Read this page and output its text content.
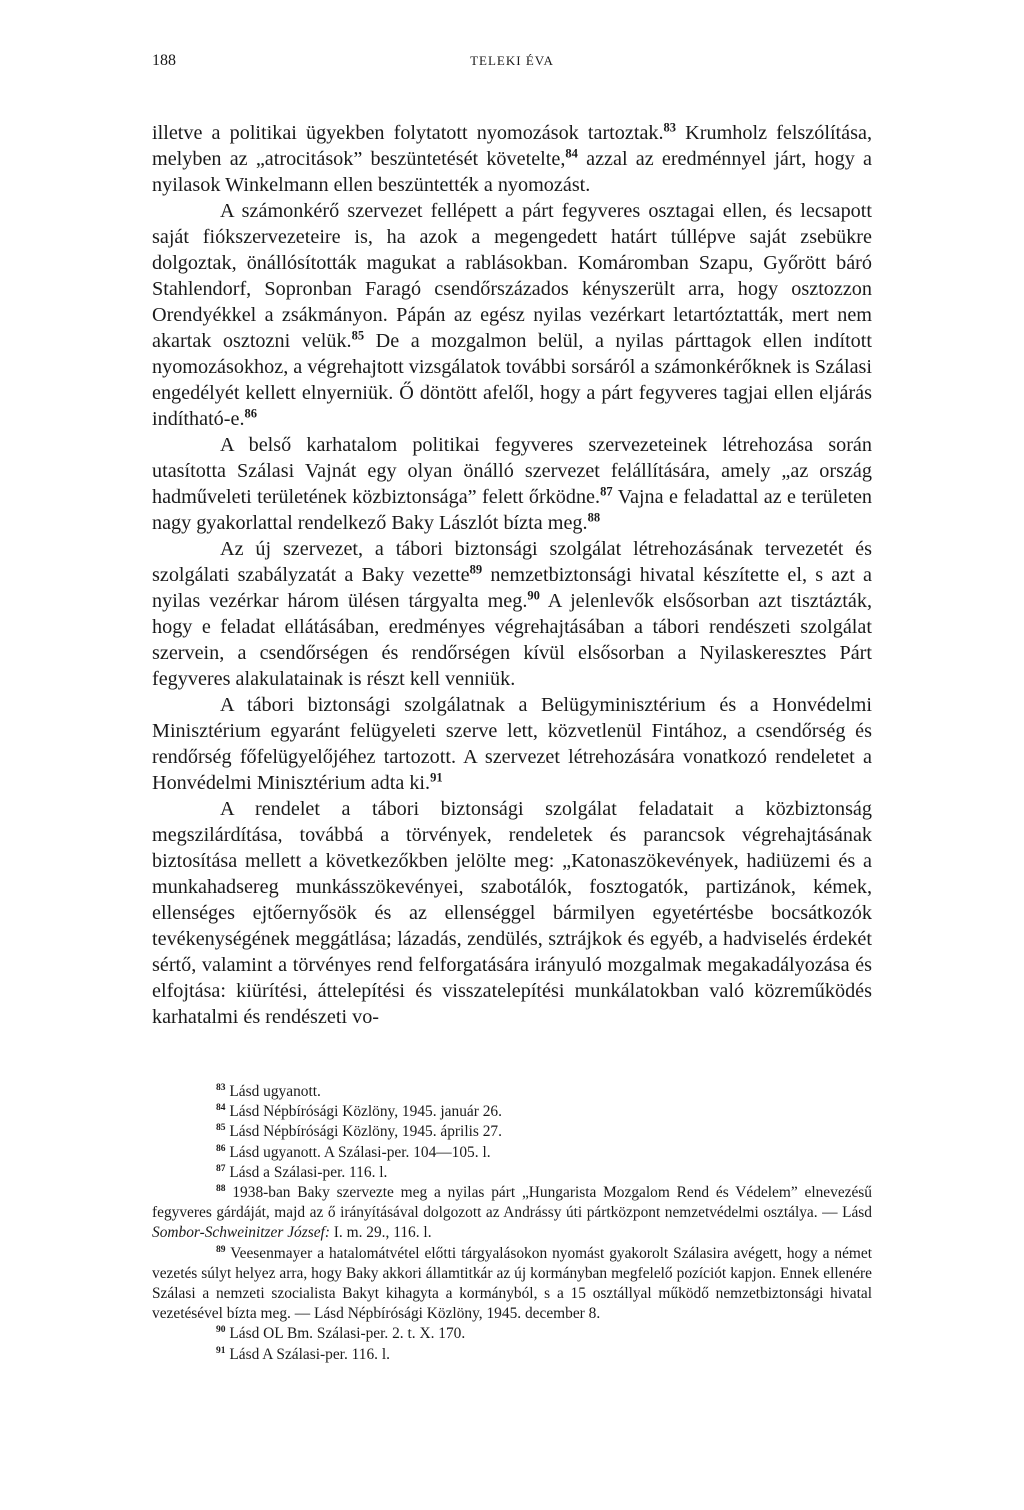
188	TELEKI ÉVA

illetve a politikai ügyekben folytatott nyomozások tartoztak.$^{83}$ Krumholz felszólítása, melyben az „atrocitások” beszüntetését követelte,$^{84}$ azzal az eredménnyel járt, hogy a nyilasok Winkelmann ellen beszüntették a nyomozást.

A számonkérő szervezet fellépett a párt fegyveres osztagai ellen, és lecsapott saját fiókszervezeteire is, ha azok a megengedett határt túllépve saját zsebükre dolgoztak, önállósították magukat a rablásokban. Komáromban Szapu, Győrött báró Stahlendorf, Sopronban Faragó csendőrszázados kényszerült arra, hogy osztozzon Orendyékkel a zsákmányon. Pápán az egész nyilas vezérkart letartóztatták, mert nem akartak osztozni velük.$^{85}$ De a mozgalmon belül, a nyilas párttagok ellen indított nyomozásokhoz, a végrehajtott vizsgálatok további sorsáról a számonkérőknek is Szálasi engedélyét kellett elnyerniük. Ő döntött afelől, hogy a párt fegyveres tagjai ellen eljárás indítható-e.$^{86}$

A belső karhatalom politikai fegyveres szervezeteinek létrehozása során utasította Szálasi Vajnát egy olyan önálló szervezet felállítására, amely „az ország hadműveleti területének közbiztonsága” felett őrködne.$^{87}$ Vajna e feladattal az e területen nagy gyakorlattal rendelkező Baky Lászlót bízta meg.$^{88}$

Az új szervezet, a tábori biztonsági szolgálat létrehozásának tervezetét és szolgálati szabályzatát a Baky vezette$^{89}$ nemzetbiztonsági hivatal készítette el, s azt a nyilas vezérkar három ülésen tárgyalta meg.$^{90}$ A jelenlevők elsősorban azt tisztázták, hogy e feladat ellátásában, eredményes végrehajtásában a tábori rendészeti szolgálat szervein, a csendőrségen és rendőrségen kívül elsősorban a Nyilaskeresztes Párt fegyveres alakulatainak is részt kell venniük.

A tábori biztonsági szolgálatnak a Belügyminisztérium és a Honvédelmi Minisztérium egyaránt felügyeleti szerve lett, közvetlenül Fintához, a csendőrség és rendőrség főfelügyelőjéhez tartozott. A szervezet létrehozására vonatkozó rendeletet a Honvédelmi Minisztérium adta ki.$^{91}$

A rendelet a tábori biztonsági szolgálat feladatait a közbiztonság megszilárdítása, továbbá a törvények, rendeletek és parancsok végrehajtásának biztosítása mellett a következőkben jelölte meg: „Katonaszökevények, hadiüzemi és a munkahadsereg munkásszökevényei, szabotálók, fosztogatók, partizánok, kémek, ellenséges ejtőernyősök és az ellenséggel bármilyen egyetértésbe bocsátkozók tevékenységének meggátlása; lázadás, zendülés, sztrájkok és egyéb, a hadviselés érdekét sértő, valamint a törvényes rend felforgatására irányuló mozgalmak megakadályozása és elfojtása: kiürítési, áttelepítési és visszatelepítési munkálatokban való közreműködés karhatalmi és rendészeti vo-

$^{83}$ Lásd ugyanott.

$^{84}$ Lásd Népbírósági Közlöny, 1945. január 26.

$^{85}$ Lásd Népbírósági Közlöny, 1945. április 27.

$^{86}$ Lásd ugyanott. A Szálasi-per. 104—105. l.

$^{87}$ Lásd a Szálasi-per. 116. l.

$^{88}$ 1938-ban Baky szervezte meg a nyilas párt „Hungarista Mozgalom Rend és Védelem” elnevezésű fegyveres gárdáját, majd az ő irányításával dolgozott az Andrássy úti pártközpont nemzetvédelmi osztálya. — Lásd Sombor-Schweinitzer József: I. m. 29., 116. l.

$^{89}$ Veesenmayer a hatalomátvétel előtti tárgyalásokon nyomást gyakorolt Szálasira avégett, hogy a német vezetés súlyt helyez arra, hogy Baky akkori államtitkár az új kormányban megfelelő pozíciót kapjon. Ennek ellenére Szálasi a nemzeti szocialista Bakyt kihagyta a kormányból, s a 15 osztállyal működő nemzetbiztonsági hivatal vezetésével bízta meg. — Lásd Népbírósági Közlöny, 1945. december 8.

$^{90}$ Lásd OL Bm. Szálasi-per. 2. t. X. 170.

$^{91}$ Lásd A Szálasi-per. 116. l.
